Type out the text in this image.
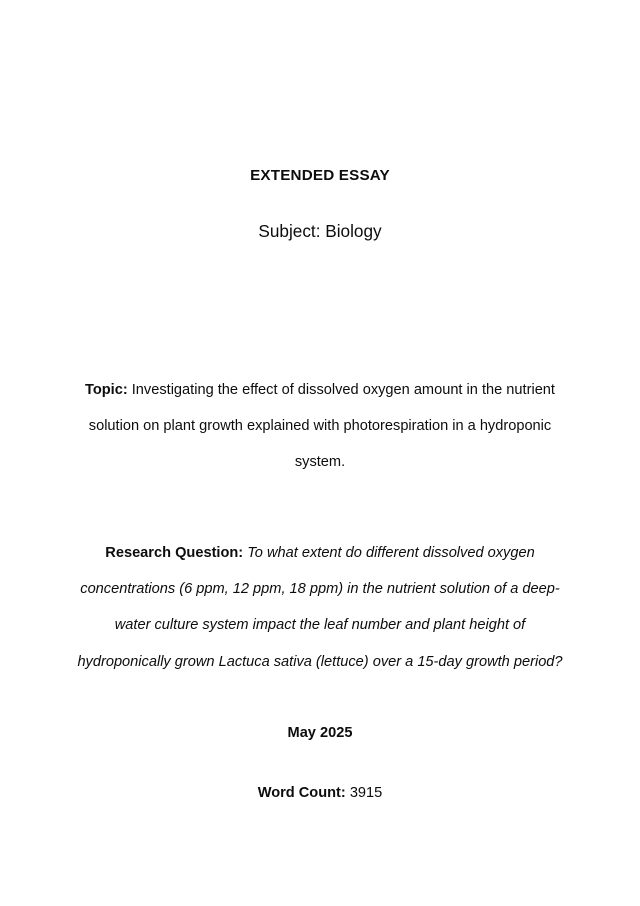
EXTENDED ESSAY
Subject: Biology

Topic: Investigating the effect of dissolved oxygen amount in the nutrient solution on plant growth explained with photorespiration in a hydroponic system.

Research Question: To what extent do different dissolved oxygen concentrations (6 ppm, 12 ppm, 18 ppm) in the nutrient solution of a deep-water culture system impact the leaf number and plant height of hydroponically grown Lactuca sativa (lettuce) over a 15-day growth period?

May 2025

Word Count: 3915
